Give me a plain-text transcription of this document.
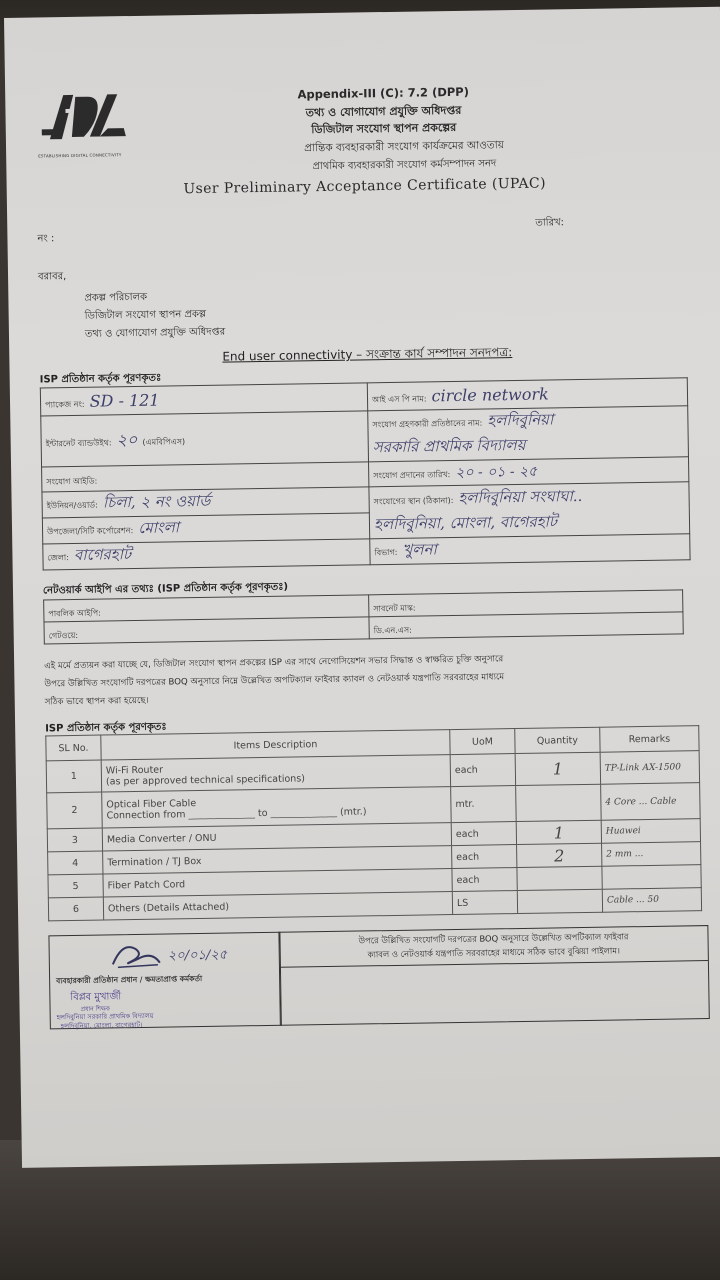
ESTABLISHING DIGITAL CONNECTIVITY
Appendix-III (C): 7.2 (DPP)
তথ্য ও যোগাযোগ প্রযুক্তি অধিদপ্তর
ডিজিটাল সংযোগ স্থাপন প্রকল্পের
প্রান্তিক ব্যবহারকারী সংযোগ কার্যক্রমের আওতায়
প্রাথমিক ব্যবহারকারী সংযোগ কর্মসম্পাদন সনদ
User Preliminary Acceptance Certificate (UPAC)
নং :
তারিখ:
বরাবর,
প্রকল্প পরিচালক
ডিজিটাল সংযোগ স্থাপন প্রকল্প
তথ্য ও যোগাযোগ প্রযুক্তি অধিদপ্তর
End user connectivity – সংক্রান্ত কার্য সম্পাদন সনদপত্র:
ISP প্রতিষ্ঠান কর্তৃক পূরণকৃতঃ
প্যাকেজ নং: SD - 121	আই এস পি নাম: circle network
ইন্টারনেট ব্যান্ডউইথ: ২০ (এমবিপিএস)	সংযোগ গ্রহণকারী প্রতিষ্ঠানের নাম: হলদিবুনিয়া
সরকারি প্রাথমিক বিদ্যালয়
সংযোগ আইডি:	সংযোগ প্রদানের তারিখ: ২০ - ০১ - ২৫
ইউনিয়ন/ওয়ার্ড: চিলা, ২ নং ওয়ার্ড	সংযোগের স্থান (ঠিকানা): হলদিবুনিয়া সংঘাঘা..
হলদিবুনিয়া, মোংলা, বাগেরহাট
উপজেলা/সিটি কর্পোরেশন: মোংলা	
জেলা: বাগেরহাট	বিভাগ: খুলনা
নেটওয়ার্ক আইপি এর তথ্যঃ (ISP প্রতিষ্ঠান কর্তৃক পূরণকৃতঃ)
পাবলিক আইপি:	সাবনেট মাস্ক:
গেটওয়ে:	ডি.এন.এস:
এই মর্মে প্রত্যয়ন করা যাচ্ছে যে, ডিজিটাল সংযোগ স্থাপন প্রকল্পের ISP এর সাথে নেগোসিয়েশন সভার সিদ্ধান্ত ও স্বাক্ষরিত চুক্তি অনুসারে
উপরে উল্লিখিত সংযোগটি দরপত্রের BOQ অনুসারে নিম্নে উল্লেখিত অপটিক্যাল ফাইবার ক্যাবল ও নেটওয়ার্ক যন্ত্রপাতি সরবরাহের মাধ্যমে
সঠিক ভাবে স্থাপন করা হয়েছে।
ISP প্রতিষ্ঠান কর্তৃক পূরণকৃতঃ
SL No.	Items Description	UoM	Quantity	Remarks
1	Wi-Fi Router
(as per approved technical specifications)	each	1	TP-Link AX-1500
2	Optical Fiber Cable
Connection from ______________ to ______________ (mtr.)	mtr.		4 Core ... Cable
3	Media Converter / ONU	each	1	Huawei
4	Termination / TJ Box	each	2	2 mm ...
5	Fiber Patch Cord	each		
6	Others (Details Attached)	LS		Cable ... 50
২০/০১/২৫
ব্যবহারকারী প্রতিষ্ঠান প্রধান / ক্ষমতাপ্রাপ্ত কর্মকর্তা
বিপ্লব মুখার্জী
প্রধান শিক্ষক
হলদিবুনিয়া সরকারি প্রাথমিক বিদ্যালয়
হলদিবুনিয়া, মোংলা, বাগেরহাট।
উপরে উল্লিখিত সংযোগটি দরপত্রের BOQ অনুসারে উল্লেখিত অপটিক্যাল ফাইবার
ক্যাবল ও নেটওয়ার্ক যন্ত্রপাতি সরবরাহের মাধ্যমে সঠিক ভাবে বুঝিয়া পাইলাম।
